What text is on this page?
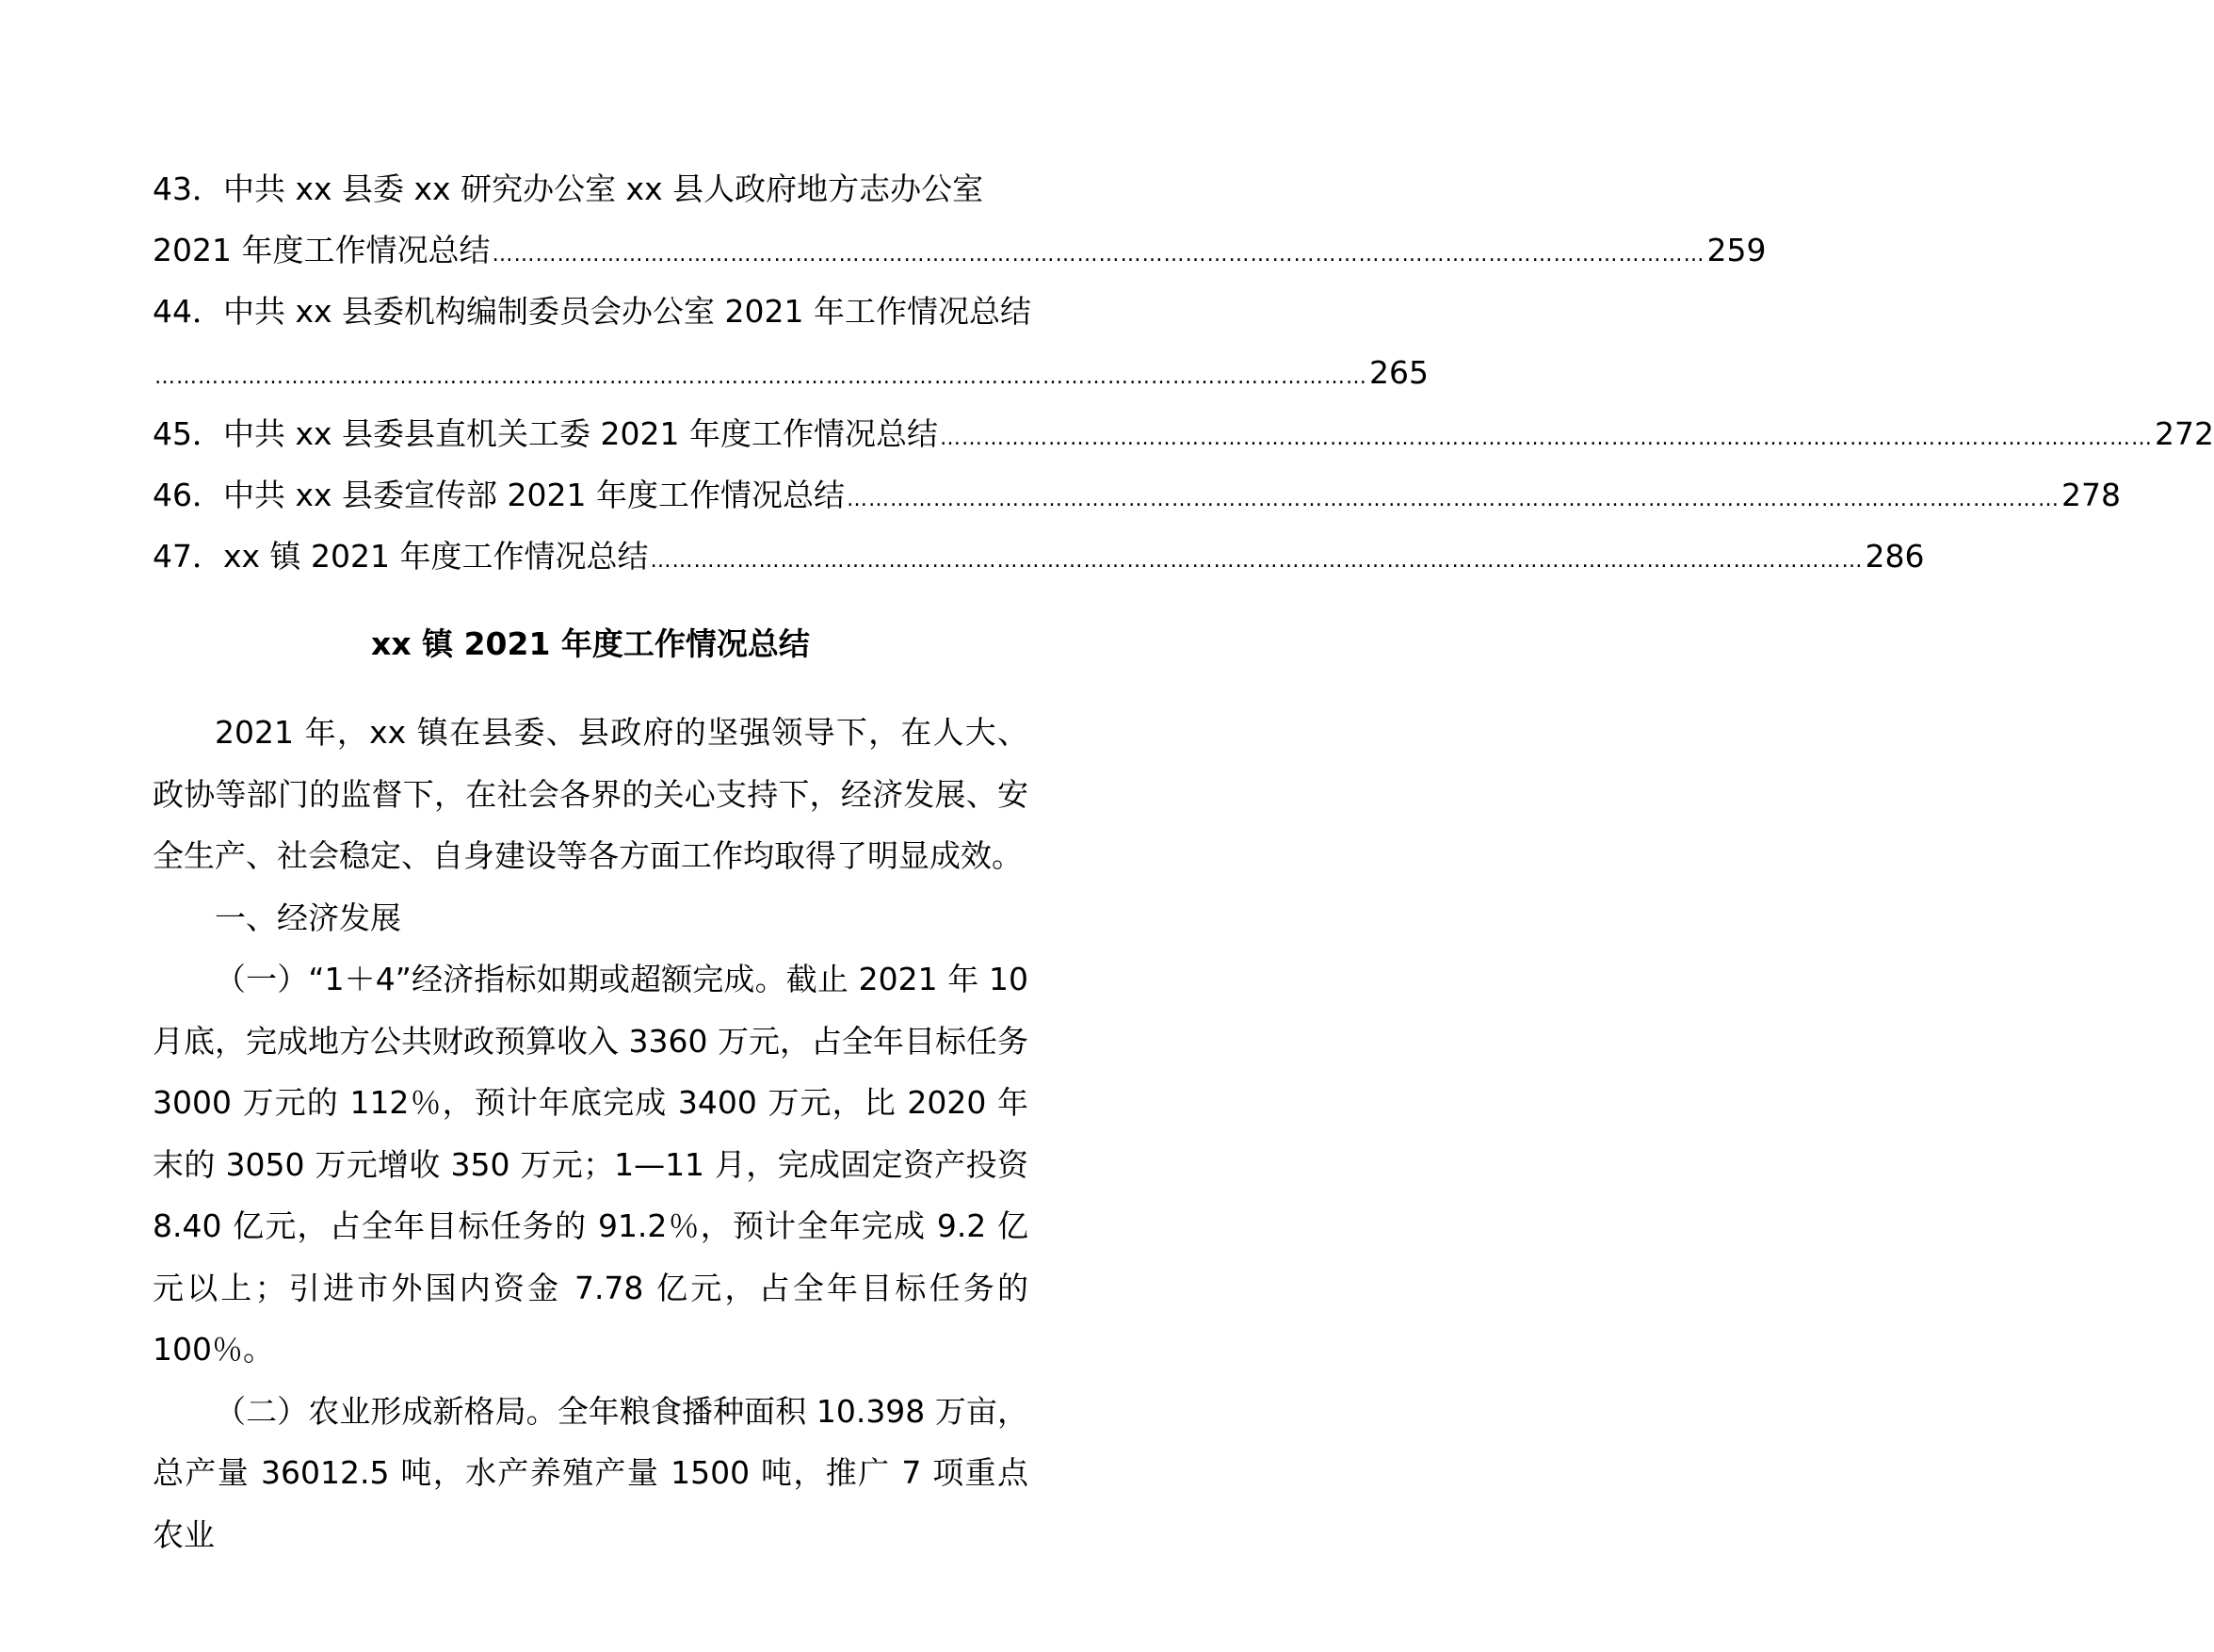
43．中共 xx 县委 xx 研究办公室 xx 县人政府地方志办公室
2021 年度工作情况总结 …………………………………………………………………………………………………………………………………………………… 259
44．中共 xx 县委机构编制委员会办公室 2021 年工作情况总结
…………………………………………………………………………………………………………………………………………………… 265
45．中共 xx 县委县直机关工委 2021 年度工作情况总结 …………………………………………………………………………………………………………………………………………………… 272
46．中共 xx 县委宣传部 2021 年度工作情况总结 …………………………………………………………………………………………………………………………………………………… 278
47．xx 镇 2021 年度工作情况总结 …………………………………………………………………………………………………………………………………………………… 286
xx 镇 2021 年度工作情况总结

2021 年，xx 镇在县委、县政府的坚强领导下，在人大、政协等部门的监督下，在社会各界的关心支持下，经济发展、安全生产、社会稳定、自身建设等各方面工作均取得了明显成效。

一、经济发展

（一）“1＋4”经济指标如期或超额完成。截止 2021 年 10 月底，完成地方公共财政预算收入 3360 万元，占全年目标任务 3000 万元的 112％，预计年底完成 3400 万元，比 2020 年末的 3050 万元增收 350 万元；1—11 月，完成固定资产投资 8.40 亿元，占全年目标任务的 91.2％，预计全年完成 9.2 亿元以上；引进市外国内资金 7.78 亿元，占全年目标任务的 100％。

（二）农业形成新格局。全年粮食播种面积 10.398 万亩，总产量 36012.5 吨，水产养殖产量 1500 吨，推广 7 项重点农业
